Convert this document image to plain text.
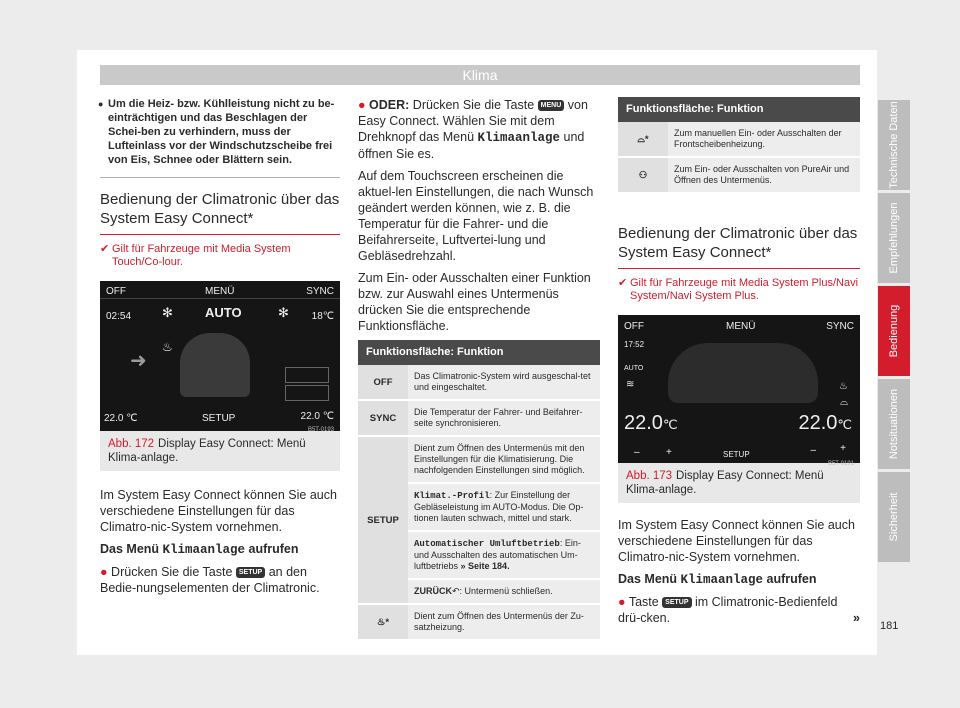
Klima
● Um die Heiz- bzw. Kühlleistung nicht zu be-einträchtigen und das Beschlagen der Schei-ben zu verhindern, muss der Lufteinlass vor der Windschutzscheibe frei von Eis, Schnee oder Blättern sein.
Bedienung der Climatronic über das System Easy Connect*
✔ Gilt für Fahrzeuge mit Media System Touch/Co-lour.
OFF	MENÜ	SYNC
02:54	AUTO
✻	✻ 18℃
➜
♨
22.0 ℃	SETUP	22.0 ℃
B5T-0193
Abb. 172 Display Easy Connect: Menü Klima-anlage.

Im System Easy Connect können Sie auch verschiedene Einstellungen für das Climatro-nic-System vornehmen.

Das Menü Klimaanlage aufrufen

● Drücken Sie die Taste SETUP an den Bedie-nungselementen der Climatronic.

● ODER: Drücken Sie die Taste MENU von Easy Connect. Wählen Sie mit dem Drehknopf das Menü Klimaanlage und öffnen Sie es.

Auf dem Touchscreen erscheinen die aktuel-len Einstellungen, die nach Wunsch geändert werden können, wie z. B. die Temperatur für die Fahrer- und die Beifahrerseite, Luftvertei-lung und Gebläsedrehzahl.

Zum Ein- oder Ausschalten einer Funktion bzw. zur Auswahl eines Untermenüs drücken Sie die entsprechende Funktionsfläche.

Funktionsfläche: Funktion	
OFF	Das Climatronic-System wird ausgeschal-tet und eingeschaltet.
SYNC	Die Temperatur der Fahrer- und Beifahrer-seite synchronisieren.
SETUP	Dient zum Öffnen des Untermenüs mit den Einstellungen für die Klimatisierung. Die nachfolgenden Einstellungen sind möglich.
	Klimat.-Profil: Zur Einstellung der Gebläseleistung im AUTO-Modus. Die Op-tionen lauten schwach, mittel und stark.
	Automatischer Umluftbetrieb: Ein- und Ausschalten des automatischen Um-luftbetriebs » Seite 184.
	ZURÜCK↶: Untermenü schließen.
♨*	Dient zum Öffnen des Untermenüs der Zu-satzheizung.
Funktionsfläche: Funktion	
⌓*	Zum manuellen Ein- oder Ausschalten der Frontscheibenheizung.
⚇	Zum Ein- oder Ausschalten von PureAir und Öffnen des Untermenüs.
Bedienung der Climatronic über das System Easy Connect*
✔ Gilt für Fahrzeuge mit Media System Plus/Navi System/Navi System Plus.
OFF	MENÜ	SYNC
17:52
AUTO
≋	♨
⌓
22.0℃	22.0℃
–	+	SETUP	– +
B5T-0191
Abb. 173 Display Easy Connect: Menü Klima-anlage.

Im System Easy Connect können Sie auch verschiedene Einstellungen für das Climatro-nic-System vornehmen.

Das Menü Klimaanlage aufrufen

● Taste SETUP im Climatronic-Bedienfeld drü-cken.	»

Technische Daten
Empfehlungen
Bedienung
Notsituationen
Sicherheit
181
